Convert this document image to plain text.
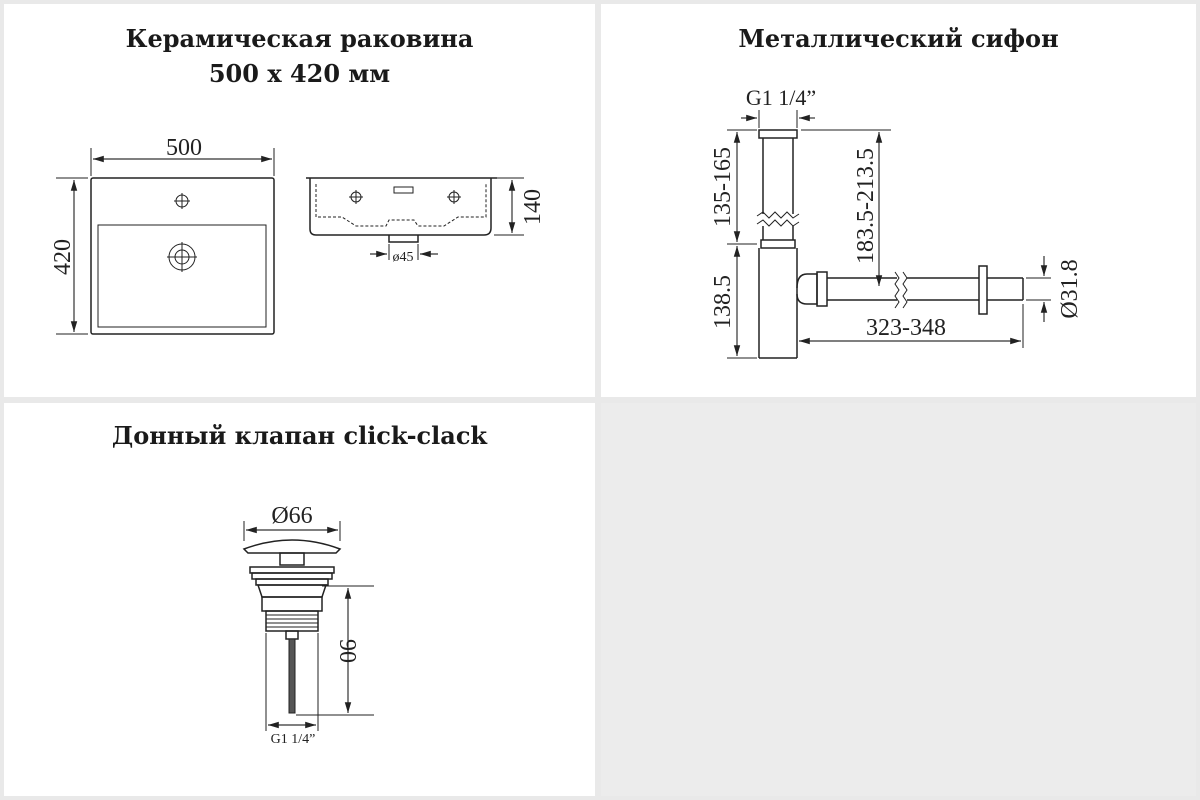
Керамическая раковина
500 x 420 мм
500
420	ø45
140
Металлический сифон
G1 1/4”
135-165
138.5
183.5-213.5
Ø31.8
323-348
Донный клапан click-clack
Ø66
90
G1 1/4”
